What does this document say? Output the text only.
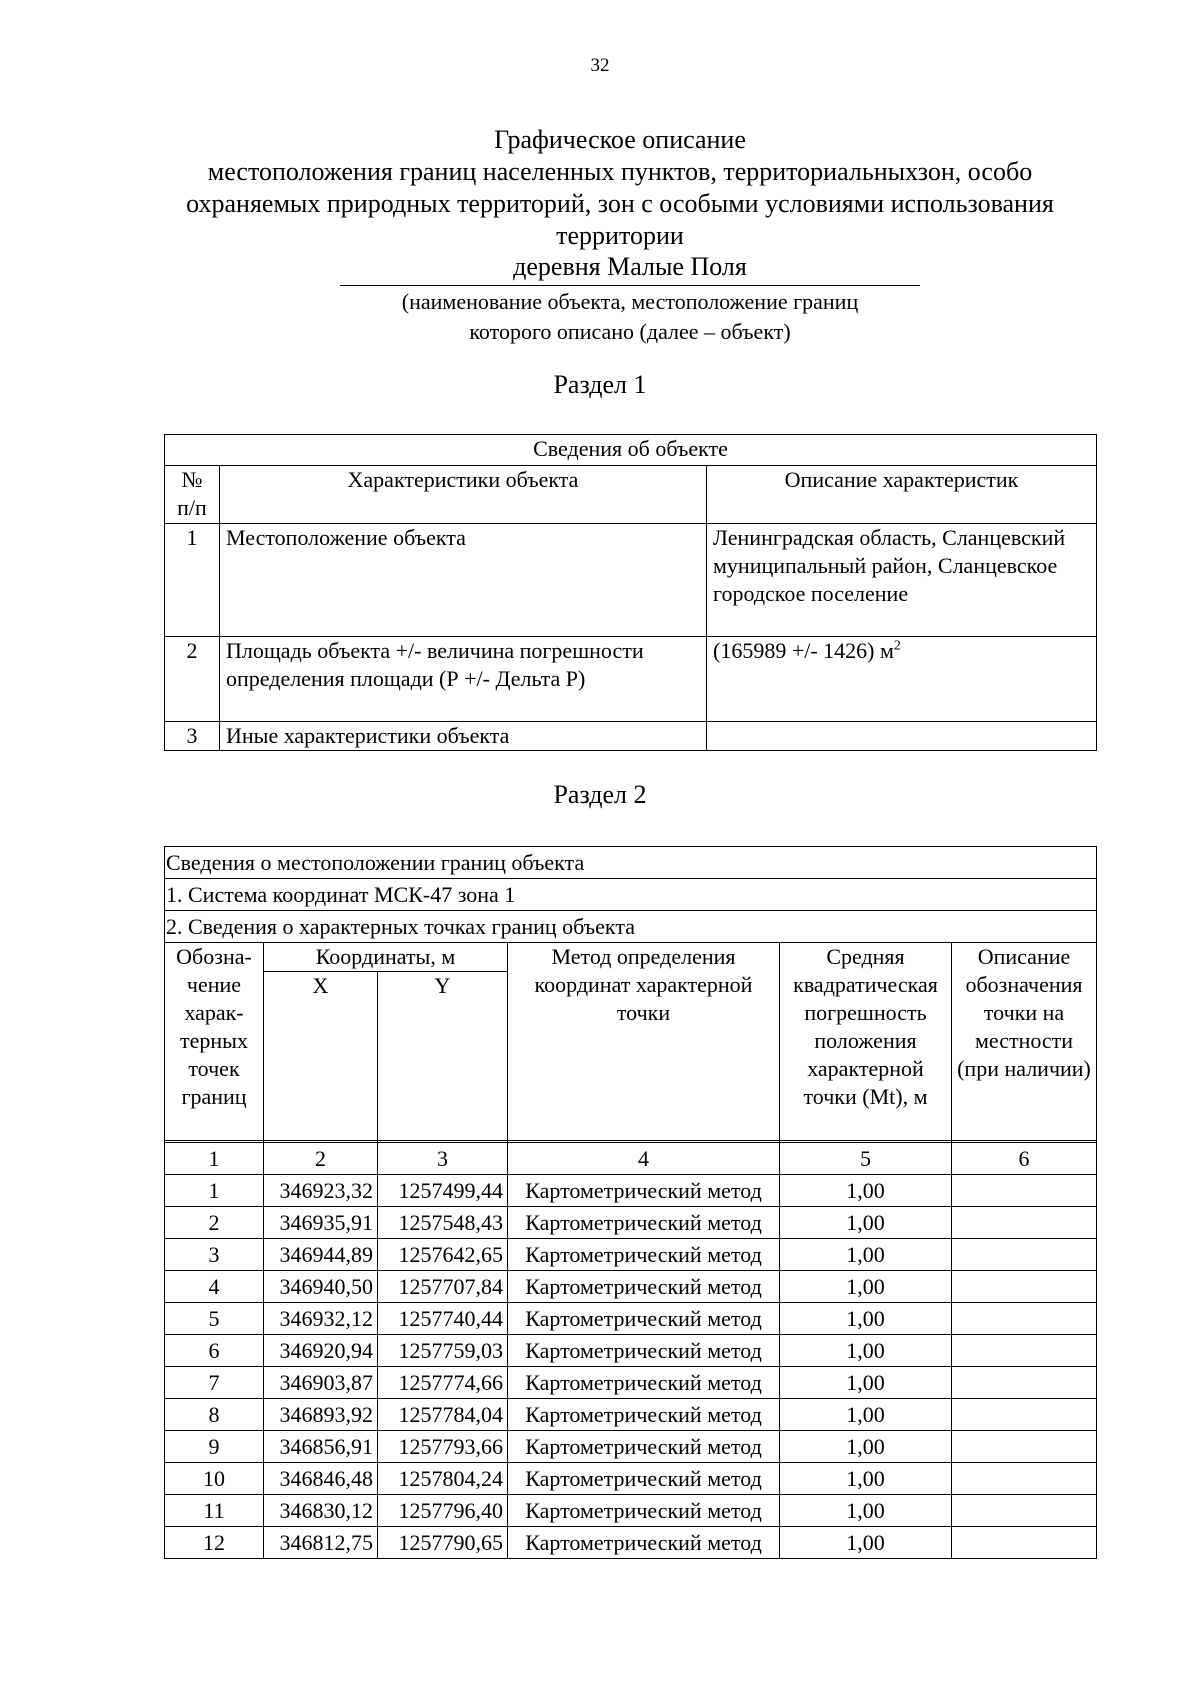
32
Графическое описание
местоположения границ населенных пунктов, территориальныхзон, особо
охраняемых природных территорий, зон с особыми условиями использования
территории
деревня Малые Поля
(наименование объекта, местоположение границ
которого описано (далее – объект)
Раздел 1
Сведения об объекте		
№ п/п	Характеристики объекта	Описание характеристик
1	Местоположение объекта	Ленинградская область, Сланцевский муниципальный район, Сланцевское городское поселение
2	Площадь объекта +/- величина погрешности определения площади (Р +/- Дельта Р)	(165989 +/- 1426) $м^2$
3	Иные характеристики объекта	
Раздел 2
Сведения о местоположении границ объекта					
1. Система координат МСК-47 зона 1					
2. Сведения о характерных точках границ объекта					
Обозна-чение харак-терных точек границ	Координаты, м		Метод определения координат характерной точки	Средняя квадратическая погрешность положения характерной точки (Mt), м	Описание обозначения точки на местности (при наличии)
	X	Y			

1	2	3	4	5	6
1	346923,32	1257499,44	Картометрический метод	1,00	
2	346935,91	1257548,43	Картометрический метод	1,00	
3	346944,89	1257642,65	Картометрический метод	1,00	
4	346940,50	1257707,84	Картометрический метод	1,00	
5	346932,12	1257740,44	Картометрический метод	1,00	
6	346920,94	1257759,03	Картометрический метод	1,00	
7	346903,87	1257774,66	Картометрический метод	1,00	
8	346893,92	1257784,04	Картометрический метод	1,00	
9	346856,91	1257793,66	Картометрический метод	1,00	
10	346846,48	1257804,24	Картометрический метод	1,00	
11	346830,12	1257796,40	Картометрический метод	1,00	
12	346812,75	1257790,65	Картометрический метод	1,00	
